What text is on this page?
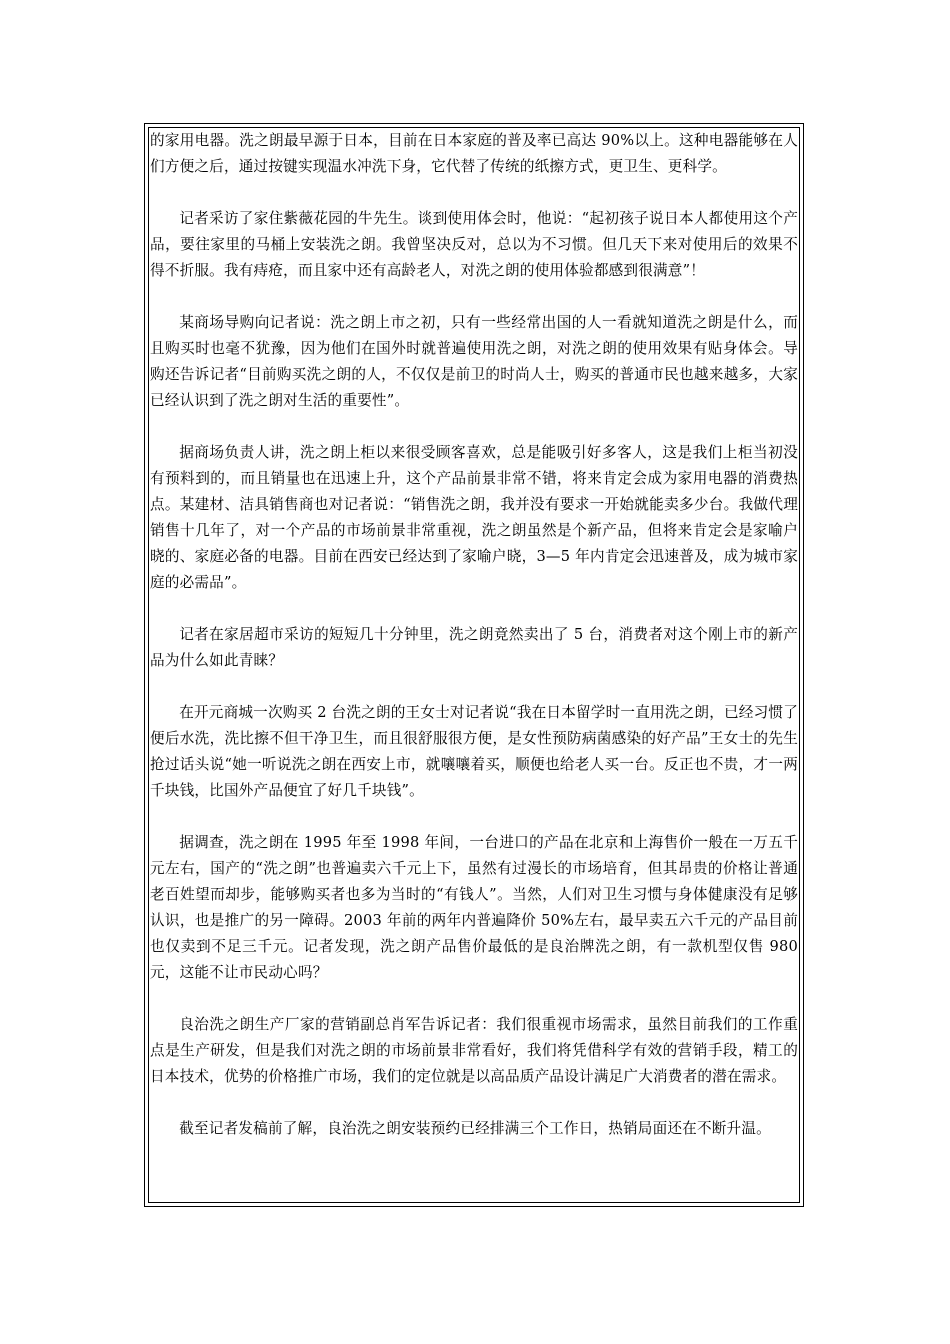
的家用电器。洗之朗最早源于日本，目前在日本家庭的普及率已高达 90%以上。这种电器能够在人们方便之后，通过按键实现温水冲洗下身，它代替了传统的纸擦方式，更卫生、更科学。

记者采访了家住紫薇花园的牛先生。谈到使用体会时，他说：“起初孩子说日本人都使用这个产品，要往家里的马桶上安装洗之朗。我曾坚决反对，总以为不习惯。但几天下来对使用后的效果不得不折服。我有痔疮，而且家中还有高龄老人，对洗之朗的使用体验都感到很满意”！

某商场导购向记者说：洗之朗上市之初，只有一些经常出国的人一看就知道洗之朗是什么，而且购买时也毫不犹豫，因为他们在国外时就普遍使用洗之朗，对洗之朗的使用效果有贴身体会。导购还告诉记者“目前购买洗之朗的人，不仅仅是前卫的时尚人士，购买的普通市民也越来越多，大家已经认识到了洗之朗对生活的重要性”。

据商场负责人讲，洗之朗上柜以来很受顾客喜欢，总是能吸引好多客人，这是我们上柜当初没有预料到的，而且销量也在迅速上升，这个产品前景非常不错，将来肯定会成为家用电器的消费热点。某建材、洁具销售商也对记者说：“销售洗之朗，我并没有要求一开始就能卖多少台。我做代理销售十几年了，对一个产品的市场前景非常重视，洗之朗虽然是个新产品，但将来肯定会是家喻户晓的、家庭必备的电器。目前在西安已经达到了家喻户晓，3—5 年内肯定会迅速普及，成为城市家庭的必需品”。

记者在家居超市采访的短短几十分钟里，洗之朗竟然卖出了 5 台，消费者对这个刚上市的新产品为什么如此青睐？

在开元商城一次购买 2 台洗之朗的王女士对记者说“我在日本留学时一直用洗之朗，已经习惯了便后水洗，洗比擦不但干净卫生，而且很舒服很方便，是女性预防病菌感染的好产品”王女士的先生抢过话头说“她一听说洗之朗在西安上市，就嚷嚷着买，顺便也给老人买一台。反正也不贵，才一两千块钱，比国外产品便宜了好几千块钱”。

据调查，洗之朗在 1995 年至 1998 年间，一台进口的产品在北京和上海售价一般在一万五千元左右，国产的“洗之朗”也普遍卖六千元上下，虽然有过漫长的市场培育，但其昂贵的价格让普通老百姓望而却步，能够购买者也多为当时的“有钱人”。当然，人们对卫生习惯与身体健康没有足够认识，也是推广的另一障碍。2003 年前的两年内普遍降价 50%左右，最早卖五六千元的产品目前也仅卖到不足三千元。记者发现，洗之朗产品售价最低的是良治牌洗之朗，有一款机型仅售 980 元，这能不让市民动心吗？

良治洗之朗生产厂家的营销副总肖军告诉记者：我们很重视市场需求，虽然目前我们的工作重点是生产研发，但是我们对洗之朗的市场前景非常看好，我们将凭借科学有效的营销手段，精工的日本技术，优势的价格推广市场，我们的定位就是以高品质产品设计满足广大消费者的潜在需求。

截至记者发稿前了解，良治洗之朗安装预约已经排满三个工作日，热销局面还在不断升温。
